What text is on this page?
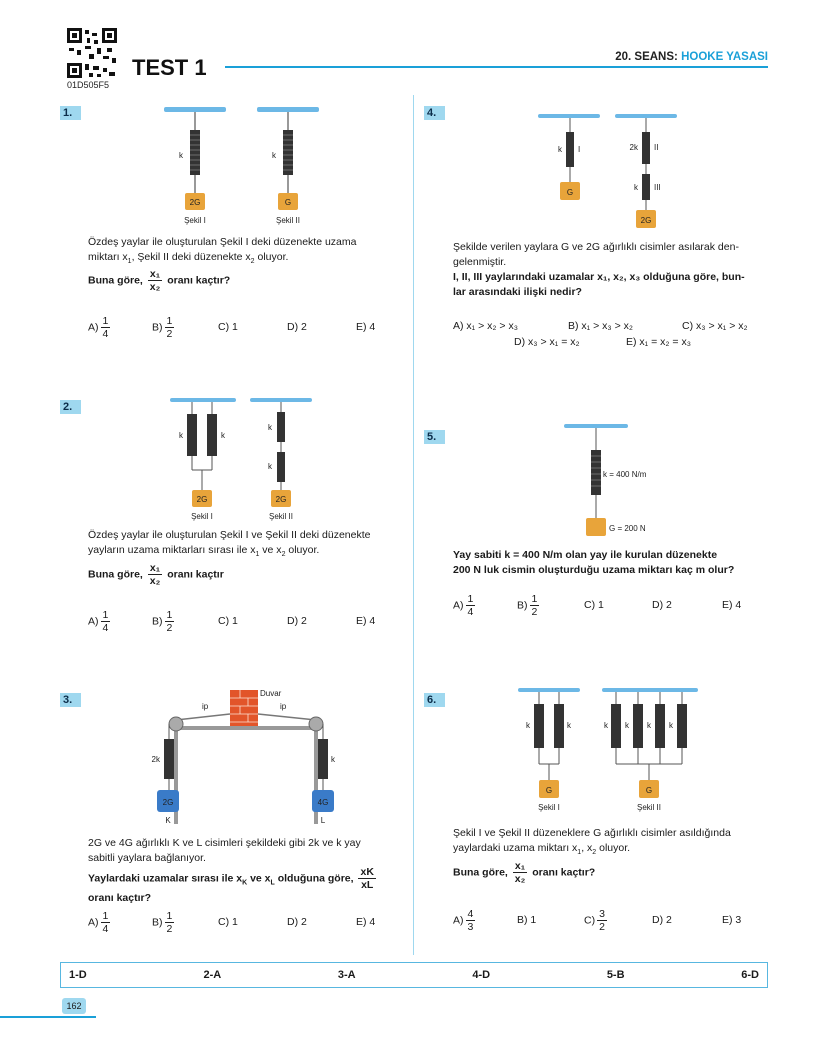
01D505F5
TEST 1	20. SEANS: HOOKE YASASI
1.
2G
k
Şekil I
G
k
Şekil II
Özdeş yaylar ile oluşturulan Şekil I deki düzenekte uzama
miktarı $x_1$, Şekil II deki düzenekte $x_2$ oluyor.
Buna göre, $\frac{\text{x₁}}{\text{x₂}}$ oranı kaçtır?
$A) \frac{1}{4}$	$B) \frac{1}{2}$	C) 1	D) 2	E) 4
2.
2G
k	k
Şekil I
2G
k
k
Şekil II
Özdeş yaylar ile oluşturulan Şekil I ve Şekil II deki düzenekte
yayların uzama miktarları sırası ile $x_1$ ve $x_2$ oluyor.
Buna göre, $\frac{\text{x₁}}{\text{x₂}}$ oranı kaçtır
$A) \frac{1}{4}$	$B) \frac{1}{2}$	C) 1	D) 2	E) 4
3.
Duvar
ip	ip
2G
2k
K
4G
k
L
2G ve 4G ağırlıklı K ve L cisimleri şekildeki gibi 2k ve k yay
sabitli yaylara bağlanıyor.
Yaylardaki uzamalar sırası ile $x_K$ ve $x_L$ olduğuna göre, $\frac{xK}{xL}$
oranı kaçtır?
$A) \frac{1}{4}$	$B) \frac{1}{2}$	C) 1	D) 2	E) 4
4.
G
k I
2G
2k II
k III
Şekilde verilen yaylara G ve 2G ağırlıklı cisimler asılarak den-
gelenmiştir.
I, II, III yaylarındaki uzamalar x₁, x₂, x₃ olduğuna göre, bun-
lar arasındaki ilişki nedir?
A) x₁ > x₂ > x₃	B) x₁ > x₃ > x₂	C) x₃ > x₁ > x₂
D) x₃ > x₁ = x₂	E) x₁ = x₂ = x₃
5.
k = 400 N/m
G = 200 N
Yay sabiti k = 400 N/m olan yay ile kurulan düzenekte
200 N luk cismin oluşturduğu uzama miktarı kaç m olur?
$A) \frac{1}{4}$	$B) \frac{1}{2}$	C) 1	D) 2	E) 4
6.
G
k	k
Şekil I
G
k k k k
Şekil II
Şekil I ve Şekil II düzeneklere G ağırlıklı cisimler asıldığında
yaylardaki uzama miktarı $x_1$, $x_2$ oluyor.
Buna göre, $\frac{\text{x₁}}{\text{x₂}}$ oranı kaçtır?
$A) \frac{4}{3}$	B) 1	$C) \frac{3}{2}$	D) 2	E) 3
1-D	2-A	3-A	4-D	5-B	6-D
162
